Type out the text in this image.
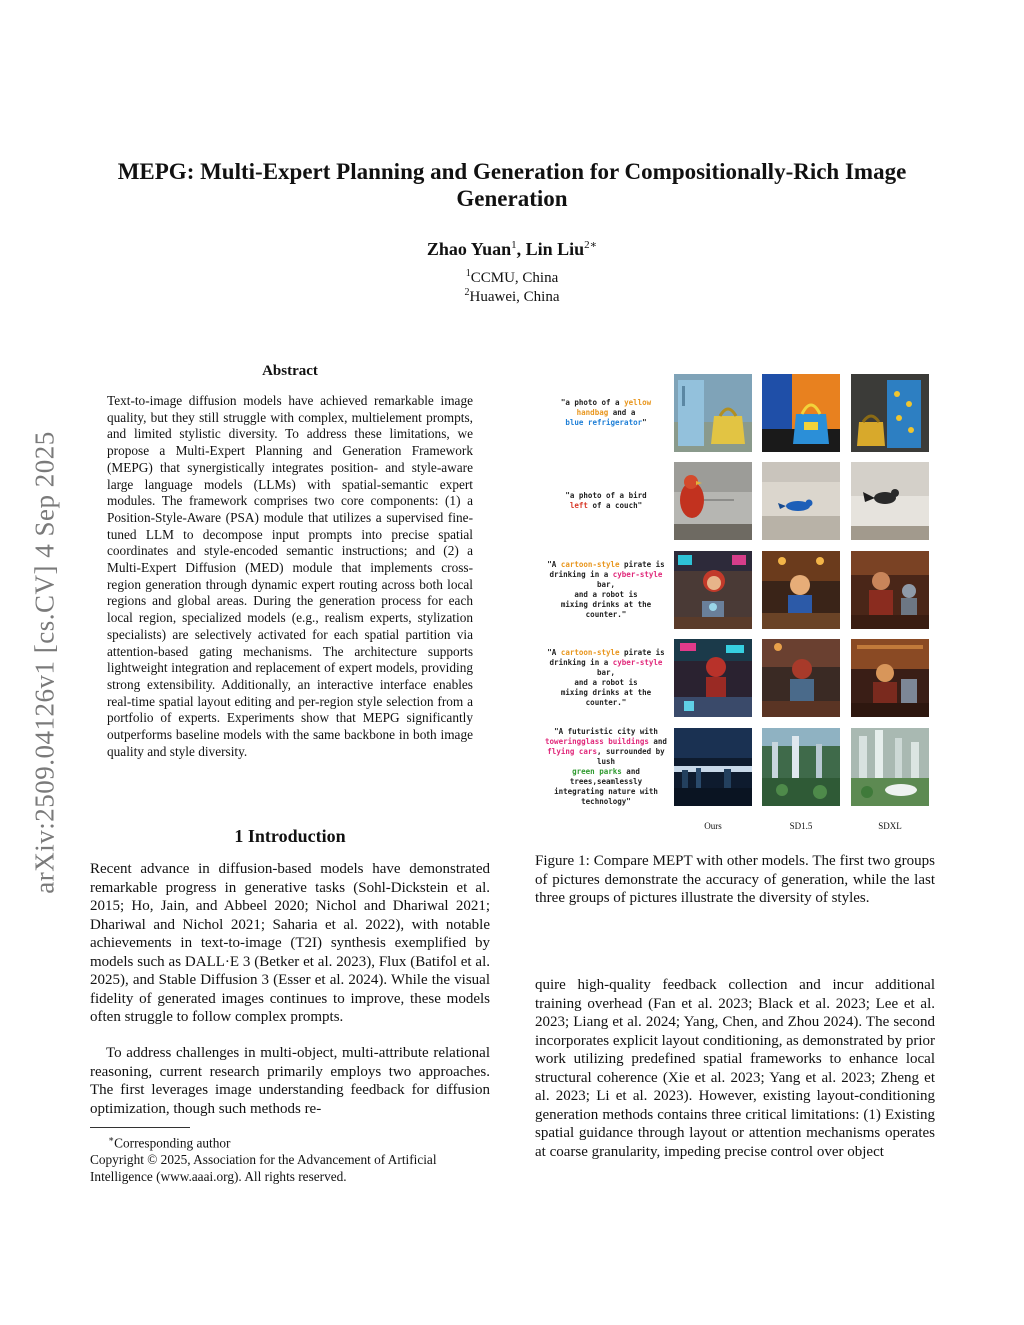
arXiv:2509.04126v1 [cs.CV] 4 Sep 2025
MEPG: Multi-Expert Planning and Generation for Compositionally-Rich Image Generation
Zhao Yuan$^1$, Lin Liu$^{2∗}$
$^1$CCMU, China
$^2$Huawei, China
Abstract

Text-to-image diffusion models have achieved remarkable image quality, but they still struggle with complex, multielement prompts, and limited stylistic diversity. To address these limitations, we propose a Multi-Expert Planning and Generation Framework (MEPG) that synergistically integrates position- and style-aware large language models (LLMs) with spatial-semantic expert modules. The framework comprises two core components: (1) a Position-Style-Aware (PSA) module that utilizes a supervised fine-tuned LLM to decompose input prompts into precise spatial coordinates and style-encoded semantic instructions; and (2) a Multi-Expert Diffusion (MED) module that implements cross-region generation through dynamic expert routing across both local regions and global areas. During the generation process for each local region, specialized models (e.g., realism experts, stylization specialists) are selectively activated for each spatial partition via attention-based gating mechanisms. The architecture supports lightweight integration and replacement of expert models, providing strong extensibility. Additionally, an interactive interface enables real-time spatial layout editing and per-region style selection from a portfolio of experts. Experiments show that MEPG significantly outperforms baseline models with the same backbone in both image quality and style diversity.

1 Introduction

Recent advance in diffusion-based models have demonstrated remarkable progress in generative tasks (Sohl-Dickstein et al. 2015; Ho, Jain, and Abbeel 2020; Nichol and Dhariwal 2021; Dhariwal and Nichol 2021; Saharia et al. 2022), with notable achievements in text-to-image (T2I) synthesis exemplified by models such as DALL·E 3 (Betker et al. 2023), Flux (Batifol et al. 2025), and Stable Diffusion 3 (Esser et al. 2024). While the visual fidelity of generated images continues to improve, these models often struggle to follow complex prompts.

To address challenges in multi-object, multi-attribute relational reasoning, current research primarily employs two approaches. The first leverages image understanding feedback for diffusion optimization, though such methods re-

quire high-quality feedback collection and incur additional training overhead (Fan et al. 2023; Black et al. 2023; Lee et al. 2023; Liang et al. 2024; Yang, Chen, and Zhou 2024). The second incorporates explicit layout conditioning, as demonstrated by prior work utilizing predefined spatial frameworks to enhance local structural coherence (Xie et al. 2023; Yang et al. 2023; Zheng et al. 2023; Li et al. 2023). However, existing layout-conditioning generation methods contains three critical limitations: (1) Existing spatial guidance through layout or attention mechanisms operates at coarse granularity, impeding precise control over object

∗Corresponding author

Copyright © 2025, Association for the Advancement of Artificial Intelligence (www.aaai.org). All rights reserved.

"a photo of a yellow
handbag and a
blue refrigerator"
"a photo of a bird
left of a couch"
"A cartoon-style pirate is
drinking in a cyber-style bar,
and a robot is
mixing drinks at the counter."
"A cartoon-style pirate is
drinking in a cyber-style bar,
and a robot is
mixing drinks at the counter."
"A futuristic city with
toweringglass buildings and
flying cars, surrounded by lush
green parks and trees,seamlessly
integrating nature with technology"
Ours	SD1.5	SDXL

Figure 1: Compare MEPT with other models. The first two groups of pictures demonstrate the accuracy of generation, while the last three groups of pictures illustrate the diversity of styles.
